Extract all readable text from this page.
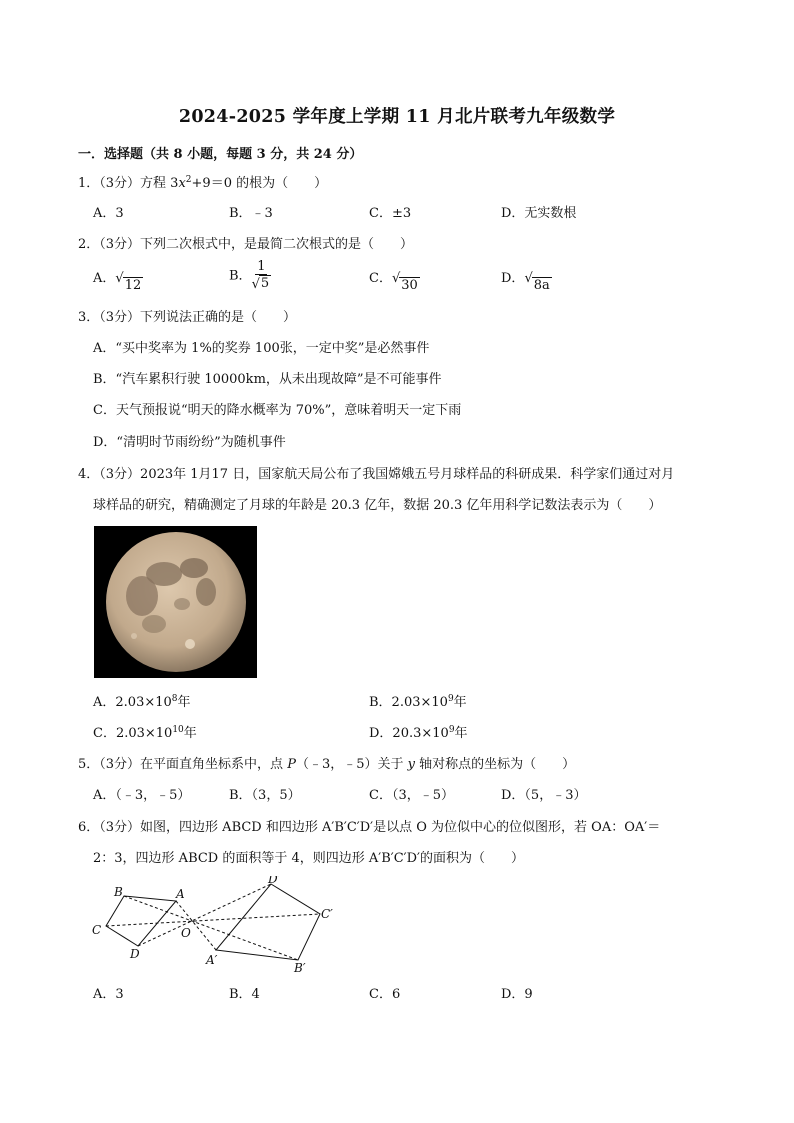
2024-2025 学年度上学期 11 月北片联考九年级数学
一．选择题（共 8 小题，每题 3 分，共 24 分）
1．（3分）方程 $3x^2+9=0$ 的根为（　　）
A．3	B．﹣3	C．±3	D．无实数根
2．（3分）下列二次根式中，是最简二次根式的是（　　）
A．√ 12
B． $\frac{1}{√ 5}$	C．√ 30	D．√ 8a
3．（3分）下列说法正确的是（　　）
A．“买中奖率为 1%的奖券 100张，一定中奖”是必然事件
B．“汽车累积行驶 10000km，从未出现故障”是不可能事件
C．天气预报说“明天的降水概率为 70%”，意味着明天一定下雨
D．“清明时节雨纷纷”为随机事件
4．（3分）2023年 1月17 日，国家航天局公布了我国嫦娥五号月球样品的科研成果．科学家们通过对月
球样品的研究，精确测定了月球的年龄是 20.3 亿年，数据 20.3 亿年用科学记数法表示为（　　）
A．$2.03\times 10^8$年	B．$2.03\times 10^9$年
C．$2.03\times 10^{10}$年	D．$20.3\times 10^9$年
5．（3分）在平面直角坐标系中，点 P（﹣3，﹣5）关于 y 轴对称点的坐标为（　　）
A．（﹣3，﹣5）	B．（3，5）	C．（3，﹣5）	D．（5，﹣3）
6．（3分）如图，四边形 ABCD 和四边形 A′B′C′D′是以点 O 为位似中心的位似图形，若 OA：OA′＝
2：3，四边形 ABCD 的面积等于 4，则四边形 A′B′C′D′的面积为（　　）
B	A
C	O
D
D′
C′
A′
B′
A．3	B．4	C．6	D．9
